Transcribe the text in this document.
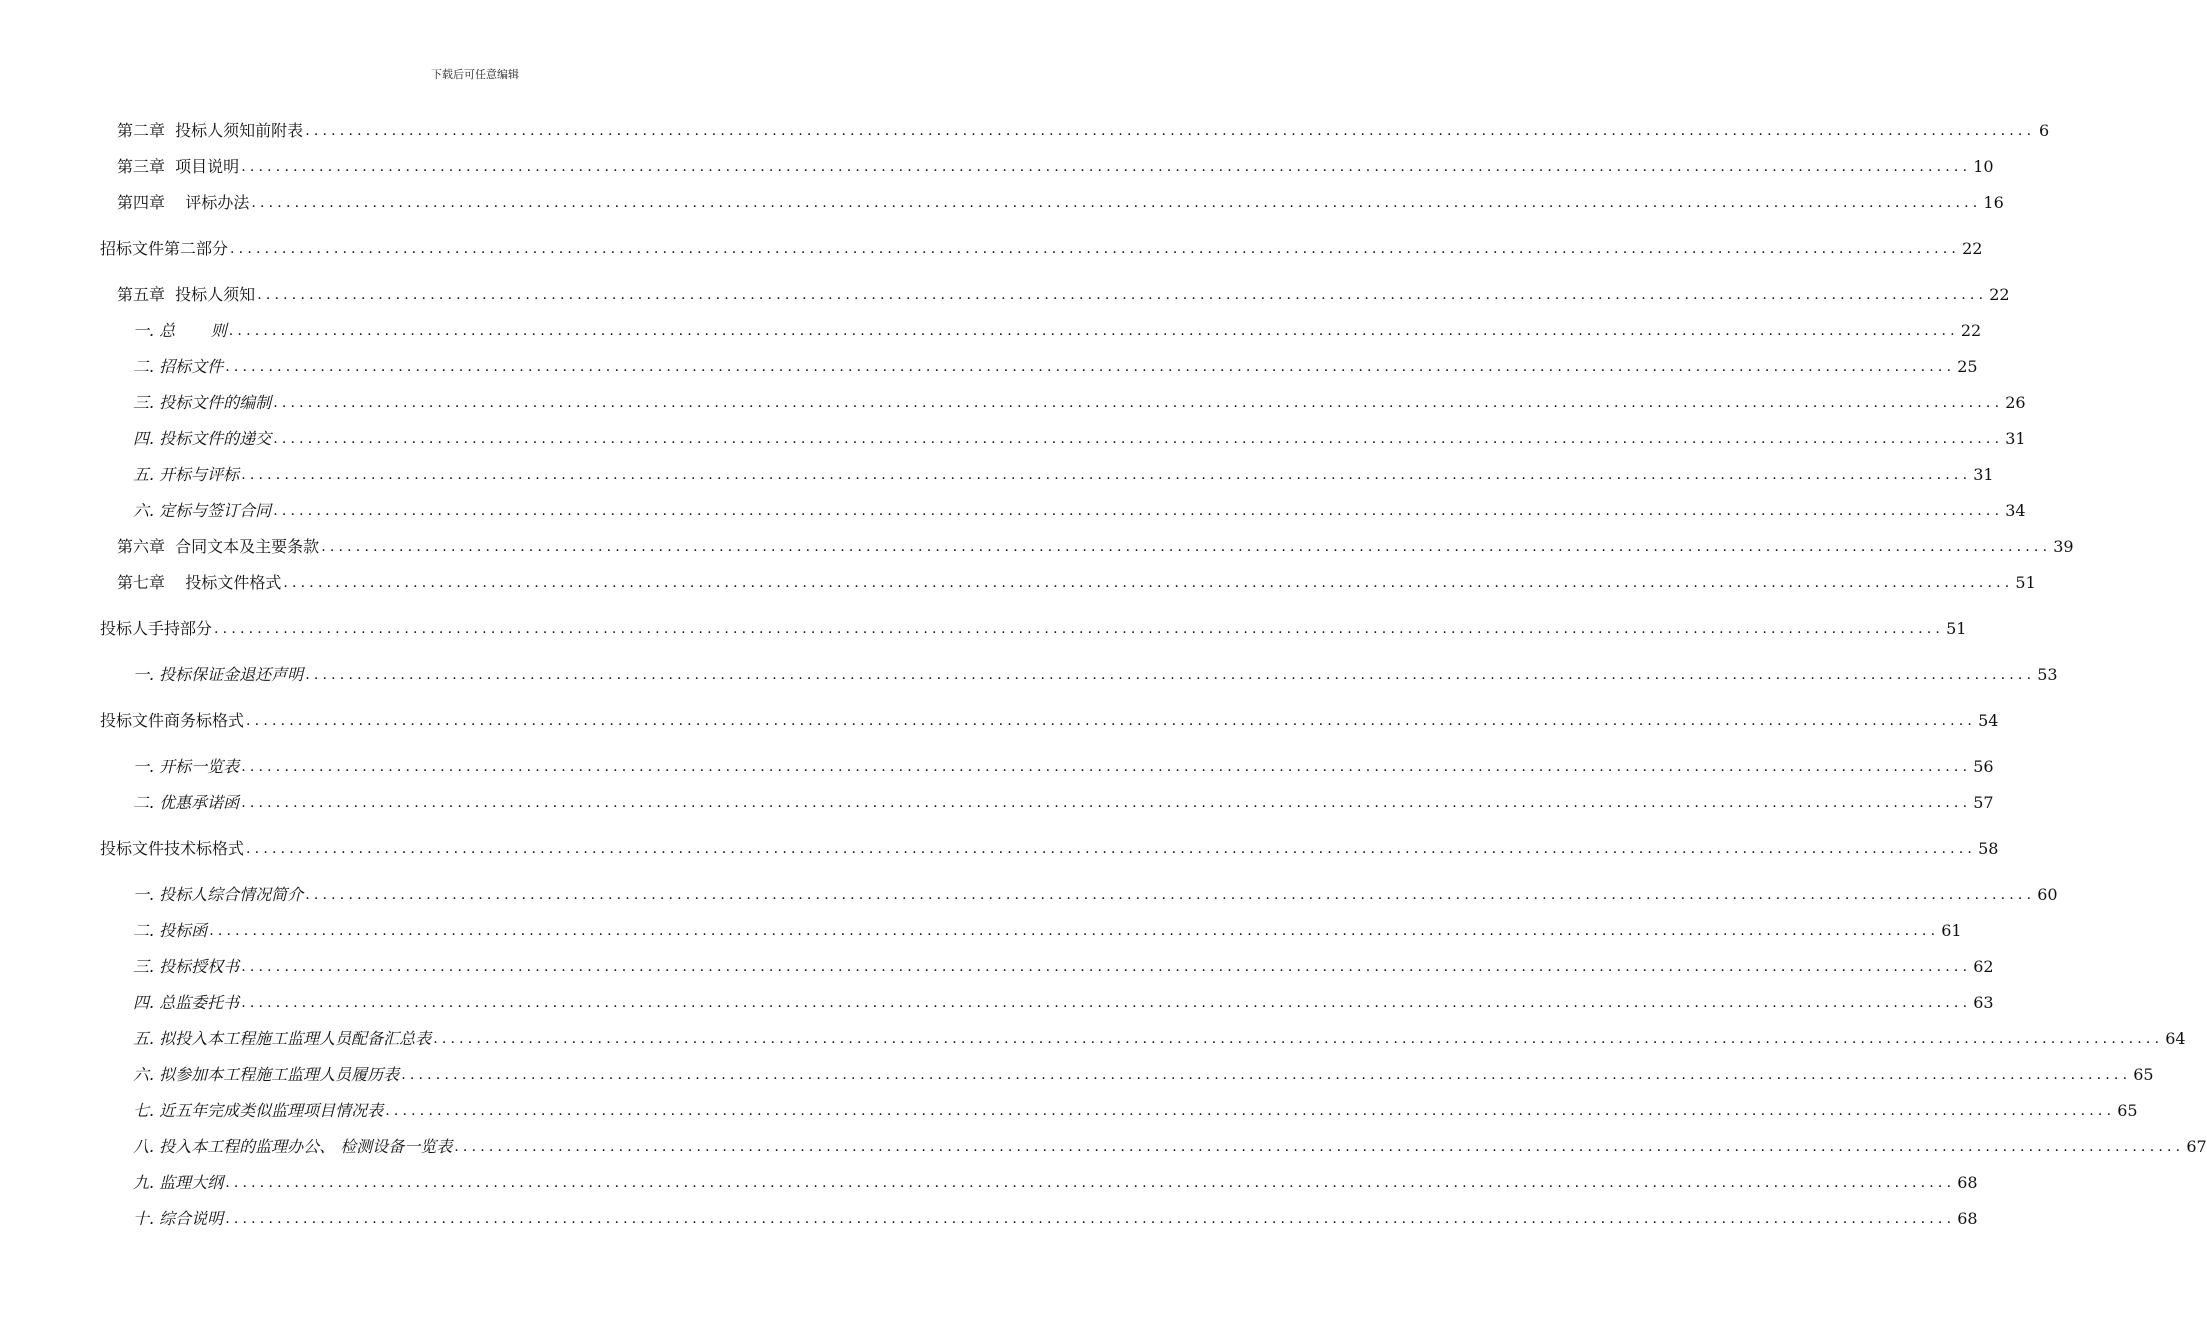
下载后可任意编辑
第二章  投标人须知前附表 ........................................................................................................................................................................................................ 6
第三章  项目说明 ........................................................................................................................................................................................................ 10
第四章    评标办法 ........................................................................................................................................................................................................ 16
招标文件第二部分 ........................................................................................................................................................................................................ 22
第五章  投标人须知 ........................................................................................................................................................................................................ 22
一. 总       则 ........................................................................................................................................................................................................ 22
二. 招标文件 ........................................................................................................................................................................................................ 25
三. 投标文件的编制 ........................................................................................................................................................................................................ 26
四. 投标文件的递交 ........................................................................................................................................................................................................ 31
五. 开标与评标 ........................................................................................................................................................................................................ 31
六. 定标与签订合同 ........................................................................................................................................................................................................ 34
第六章  合同文本及主要条款 ........................................................................................................................................................................................................ 39
第七章    投标文件格式 ........................................................................................................................................................................................................ 51
投标人手持部分 ........................................................................................................................................................................................................ 51
一. 投标保证金退还声明 ........................................................................................................................................................................................................ 53
投标文件商务标格式 ........................................................................................................................................................................................................ 54
一. 开标一览表 ........................................................................................................................................................................................................ 56
二. 优惠承诺函 ........................................................................................................................................................................................................ 57
投标文件技术标格式 ........................................................................................................................................................................................................ 58
一. 投标人综合情况简介 ........................................................................................................................................................................................................ 60
二. 投标函 ........................................................................................................................................................................................................ 61
三. 投标授权书 ........................................................................................................................................................................................................ 62
四. 总监委托书 ........................................................................................................................................................................................................ 63
五. 拟投入本工程施工监理人员配备汇总表 ........................................................................................................................................................................................................ 64
六. 拟参加本工程施工监理人员履历表 ........................................................................................................................................................................................................ 65
七. 近五年完成类似监理项目情况表 ........................................................................................................................................................................................................ 65
八. 投入本工程的监理办公、 检测设备一览表 ........................................................................................................................................................................................................ 67
九. 监理大纲 ........................................................................................................................................................................................................ 68
十. 综合说明 ........................................................................................................................................................................................................ 68
